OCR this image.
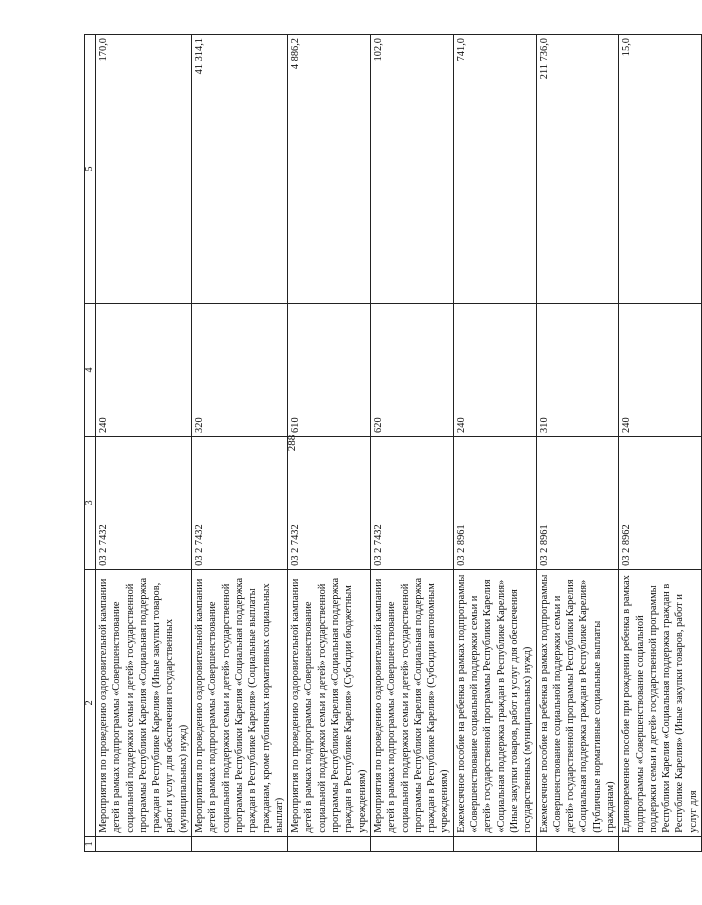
288
1	2	3	4	5
	Мероприятия по проведению оздоровительной кампании детей в рамках подпрограммы «Совершенствование социальной поддержки семьи и детей» государственной программы Республики Карелия «Социальная поддержка граждан в Республике Карелия» (Иные закупки товаров, работ и услуг для обеспечения государственных (муниципальных) нужд)	03 2 7432	240	170,0
	Мероприятия по проведению оздоровительной кампании детей в рамках подпрограммы «Совершенствование социальной поддержки семьи и детей» государственной программы Республики Карелия «Социальная поддержка граждан в Республике Карелия» (Социальные выплаты гражданам, кроме публичных нормативных социальных выплат)	03 2 7432	320	41 314,1
	Мероприятия по проведению оздоровительной кампании детей в рамках подпрограммы «Совершенствование социальной поддержки семьи и детей» государственной программы Республики Карелия «Социальная поддержка граждан в Республике Карелия» (Субсидии бюджетным учреждениям)	03 2 7432	610	4 886,2
	Мероприятия по проведению оздоровительной кампании детей в рамках подпрограммы «Совершенствование социальной поддержки семьи и детей» государственной программы Республики Карелия «Социальная поддержка граждан в Республике Карелия» (Субсидии автономным учреждениям)	03 2 7432	620	102,0
	Ежемесячное пособие на ребенка в рамках подпрограммы «Совершенствование социальной поддержки семьи и детей» государственной программы Республики Карелия «Социальная поддержка граждан в Республике Карелия» (Иные закупки товаров, работ и услуг для обеспечения государственных (муниципальных) нужд)	03 2 8961	240	741,0
	Ежемесячное пособие на ребенка в рамках подпрограммы «Совершенствование социальной поддержки семьи и детей» государственной программы Республики Карелия «Социальная поддержка граждан в Республике Карелия» (Публичные нормативные социальные выплаты гражданам)	03 2 8961	310	211 736,0
	Единовременное пособие при рождении ребенка в рамках подпрограммы «Совершенствование социальной поддержки семьи и детей» государственной программы Республики Карелия «Социальная поддержка граждан в Республике Карелия» (Иные закупки товаров, работ и услуг для	03 2 8962	240	15,0
